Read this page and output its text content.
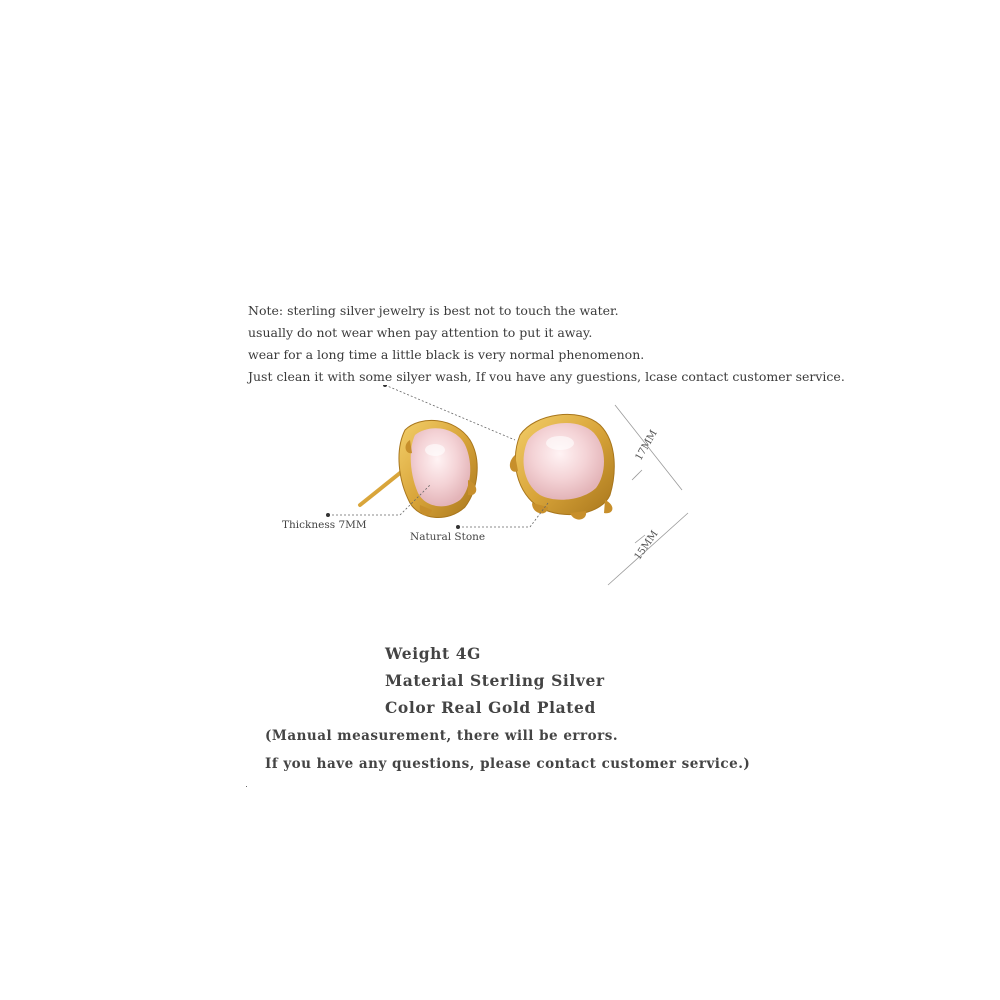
Note: sterling silver jewelry is best not to touch the water.
usually do not wear when pay attention to put it away.
wear for a long time a little black is very normal phenomenon.
Just clean it with some silyer wash, If vou have any guestions, lcase contact customer service.
Thickness 7MM
Natural Stone
17MM
15MM
Weight 4G
Material Sterling Silver
Color Real Gold Plated
(Manual measurement, there will be errors.
If you have any questions, please contact customer service.)
